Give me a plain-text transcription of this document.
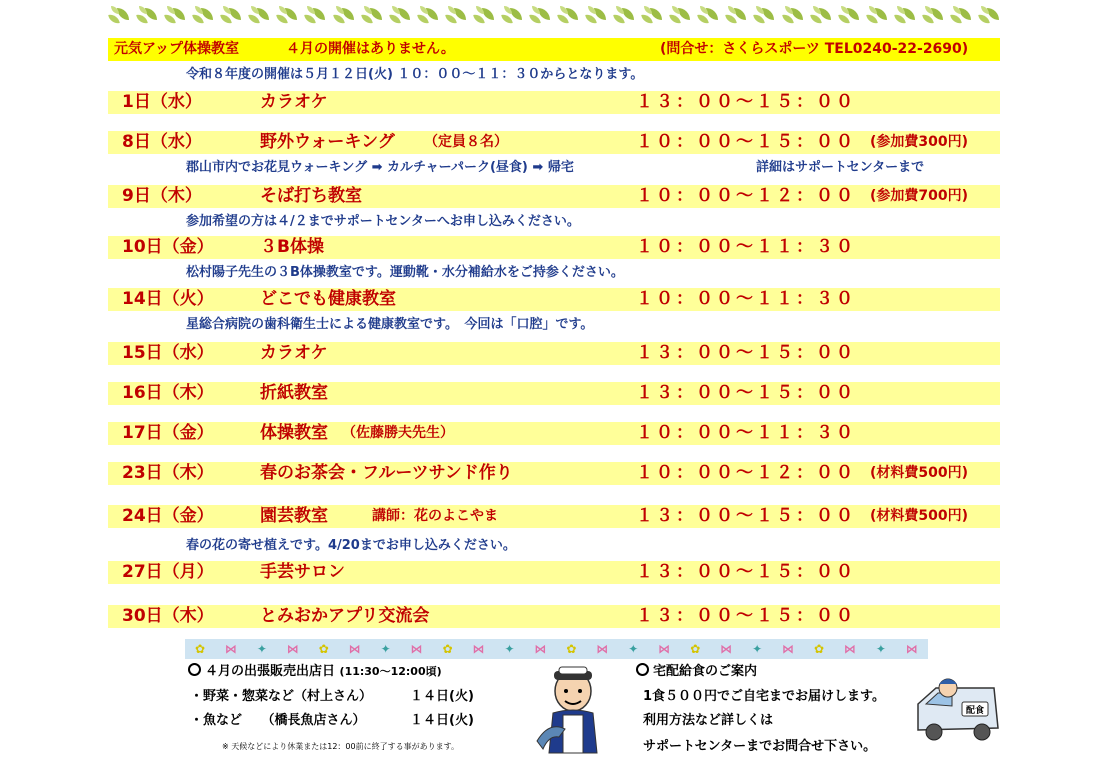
元気アップ体操教室	４月の開催はありません。	(問合せ：さくらスポーツ TEL0240-22-2690)
令和８年度の開催は５月１２日(火) １０：００～１１：３０からとなります。
1日（水）	カラオケ	１３：００～１５：００
8日（水）	野外ウォーキング （定員８名）	１０：００～１５：００ (参加費300円)
郡山市内でお花見ウォーキング ➡ カルチャーパーク(昼食) ➡ 帰宅	詳細はサポートセンターまで
9日（木）	そば打ち教室	１０：００～１２：００ (参加費700円)
参加希望の方は４/２までサポートセンターへお申し込みください。
10日（金）	３B体操	１０：００～１１：３０
松村陽子先生の３B体操教室です。運動靴・水分補給水をご持参ください。
14日（火）	どこでも健康教室	１０：００～１１：３０
星総合病院の歯科衛生士による健康教室です。　今回は「口腔」です。
15日（水）	カラオケ	１３：００～１５：００
16日（木）	折紙教室	１３：００～１５：００
17日（金）	体操教室 （佐藤勝夫先生）	１０：００～１１：３０
23日（木）	春のお茶会・フルーツサンド作り	１０：００～１２：００ (材料費500円)
24日（金）	園芸教室	講師：花のよこやま	１３：００～１５：００ (材料費500円)
春の花の寄せ植えです。4/20までお申し込みください。
27日（月）	手芸サロン	１３：００～１５：００
30日（木）	とみおかアプリ交流会	１３：００～１５：００
✿ ⋈ ✦ ⋈ ✿ ⋈ ✦ ⋈ ✿ ⋈ ✦ ⋈ ✿ ⋈ ✦ ⋈ ✿ ⋈ ✦ ⋈ ✿ ⋈ ✦ ⋈
４月の出張販売出店日 (11:30～12:00頃)
・野菜・惣菜など（村上さん）	１４日(火)
・魚など　　（橋長魚店さん）	１４日(火)
※ 天候などにより休業または12：00前に終了する事があります。
宅配給食のご案内
1食５００円でご自宅までお届けします。
利用方法など詳しくは
サポートセンターまでお問合せ下さい。
配食
